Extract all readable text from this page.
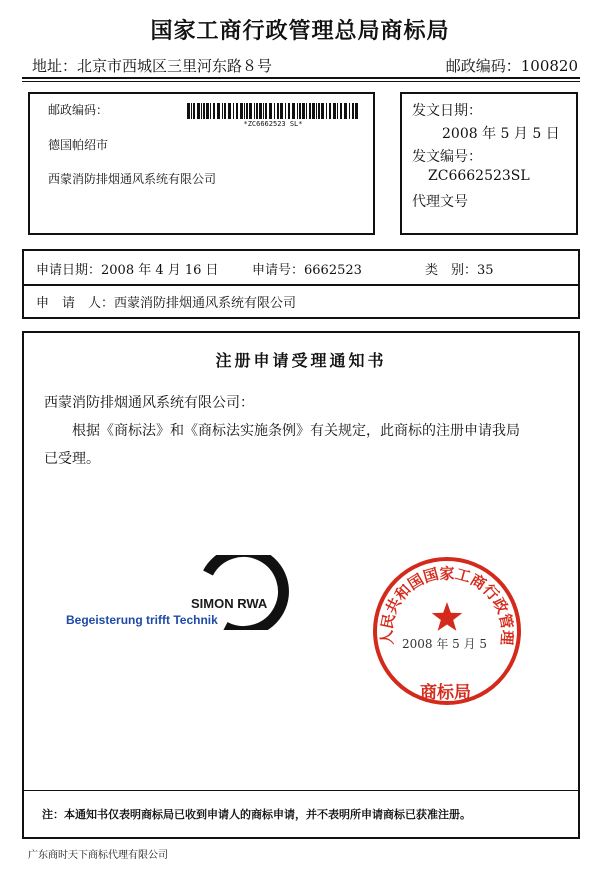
国家工商行政管理总局商标局
地址：北京市西城区三里河东路８号	邮政编码：100820
邮政编码：
*ZC6662523 SL*
德国帕绍市
西蒙消防排烟通风系统有限公司
发文日期：
2008 年 5 月 5 日
发文编号：
ZC6662523SL
代理文号
申请日期：2008 年 4 月 16 日	申请号：6662523	类　别：35
申　请　人：西蒙消防排烟通风系统有限公司
注册申请受理通知书
西蒙消防排烟通风系统有限公司：
根据《商标法》和《商标法实施条例》有关规定，此商标的注册申请我局
已受理。
SIMON RWA
Begeisterung trifft Technik
人民共和国国家工商行政管理
2008 年 5 月 5
商标局
注：本通知书仅表明商标局已收到申请人的商标申请，并不表明所申请商标已获准注册。
广东商时天下商标代理有限公司
